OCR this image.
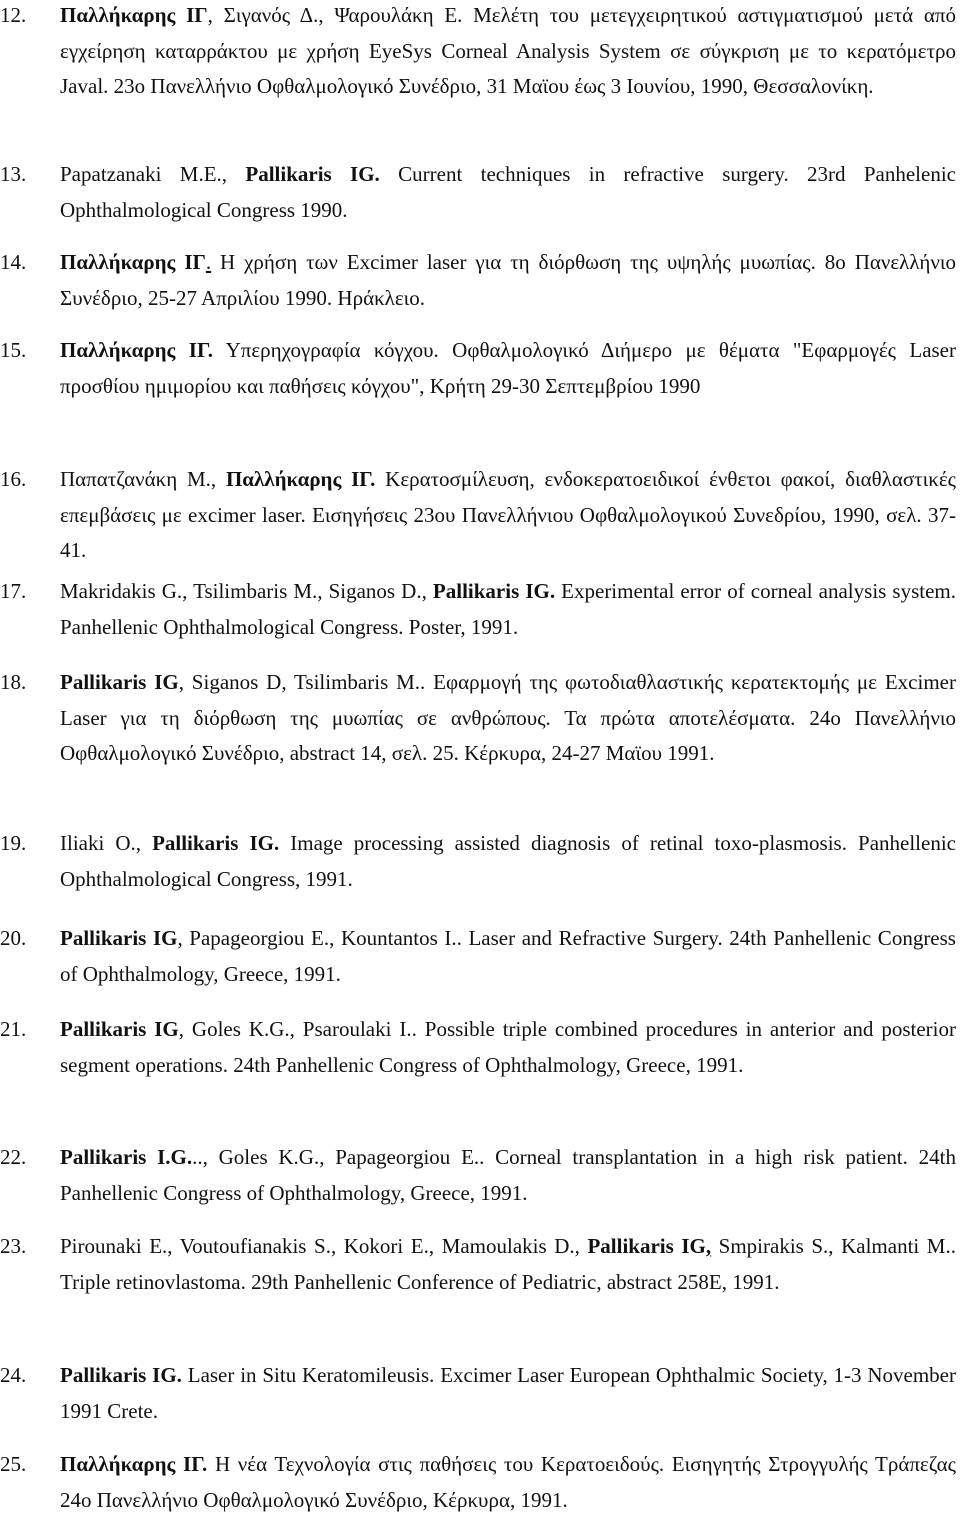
12.	Παλλήκαρης ΙΓ, Σιγανός Δ., Ψαρουλάκη Ε. Μελέτη του μετεγχειρητικού αστιγματισμού μετά από εγχείρηση καταρράκτου με χρήση EyeSys Corneal Analysis System σε σύγκριση με το κερατόμετρο Javal. 23ο Πανελλήνιο Οφθαλμολογικό Συνέδριο, 31 Μαϊου έως 3 Ιουνίου, 1990, Θεσσαλονίκη.
13.	Papatzanaki M.E., Pallikaris IG. Current techniques in refractive surgery. 23rd Panhelenic Ophthalmological Congress 1990.
14.	Παλλήκαρης ΙΓ. Η χρήση των Excimer laser για τη διόρθωση της υψηλής μυωπίας. 8ο Πανελλήνιο Συνέδριο, 25-27 Απριλίου 1990. Ηράκλειο.
15.	Παλλήκαρης ΙΓ. Υπερηχογραφία κόγχου. Οφθαλμολογικό Διήμερο με θέματα "Εφαρμογές Laser προσθίου ημιμορίου και παθήσεις κόγχου", Κρήτη 29-30 Σεπτεμβρίου 1990
16.	Παπατζανάκη Μ., Παλλήκαρης ΙΓ. Κερατοσμίλευση, ενδοκερατοειδικοί ένθετοι φακοί, διαθλαστικές επεμβάσεις με excimer laser. Εισηγήσεις 23ου Πανελλήνιου Οφθαλμολογικού Συνεδρίου, 1990, σελ. 37-41.
17.	Makridakis G., Tsilimbaris M., Siganos D., Pallikaris IG. Experimental error of corneal analysis system. Panhellenic Ophthalmological Congress. Poster, 1991.
18.	Pallikaris IG, Siganos D, Tsilimbaris M.. Εφαρμογή της φωτοδιαθλαστικής κερατεκτομής με Excimer Laser για τη διόρθωση της μυωπίας σε ανθρώπους. Τα πρώτα αποτελέσματα. 24ο Πανελλήνιο Οφθαλμολογικό Συνέδριο, abstract 14, σελ. 25. Κέρκυρα, 24-27 Μαϊου 1991.
19.	Iliaki O., Pallikaris IG. Image processing assisted diagnosis of retinal toxo-plasmosis. Panhellenic Ophthalmological Congress, 1991.
20.	Pallikaris IG, Papageorgiou E., Kountantos I.. Laser and Refractive Surgery. 24th Panhellenic Congress of Ophthalmology, Greece, 1991.
21.	Pallikaris IG, Goles K.G., Psaroulaki I.. Possible triple combined procedures in anterior and posterior segment operations. 24th Panhellenic Congress of Ophthalmology, Greece, 1991.
22.	Pallikaris I.G..., Goles K.G., Papageorgiou E.. Corneal transplantation in a high risk patient. 24th Panhellenic Congress of Ophthalmology, Greece, 1991.
23.	Pirounaki E., Voutoufianakis S., Kokori E., Mamoulakis D., Pallikaris IG, Smpirakis S., Kalmanti M.. Triple retinovlastoma. 29th Panhellenic Conference of Pediatric, abstract 258E, 1991.
24.	Pallikaris IG. Laser in Situ Keratomileusis. Excimer Laser European Ophthalmic Society, 1-3 November 1991 Crete.
25.	Παλλήκαρης ΙΓ. Η νέα Τεχνολογία στις παθήσεις του Κερατοειδούς. Εισηγητής Στρογγυλής Τράπεζας 24ο Πανελλήνιο Οφθαλμολογικό Συνέδριο, Κέρκυρα, 1991.
